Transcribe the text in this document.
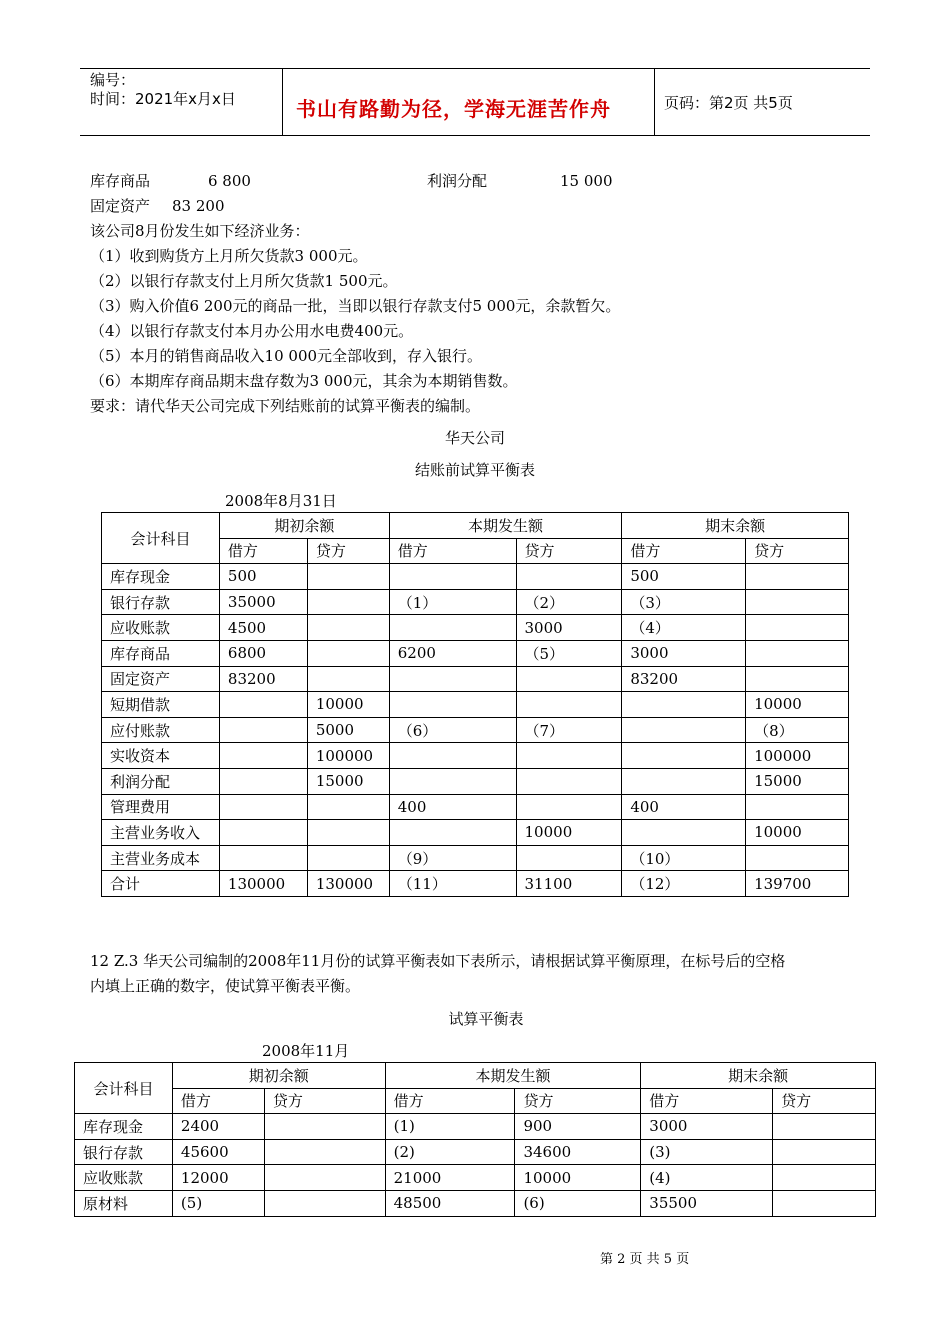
编号：
时间：2021年x月x日	书山有路勤为径，学海无涯苦作舟	页码：第2页 共5页
库存商品	6 800	利润分配	15 000
固定资产 83 200
该公司8月份发生如下经济业务：
（1）收到购货方上月所欠货款3 000元。
（2）以银行存款支付上月所欠货款1 500元。
（3）购入价值6 200元的商品一批，当即以银行存款支付5 000元，余款暂欠。
（4）以银行存款支付本月办公用水电费400元。
（5）本月的销售商品收入10 000元全部收到，存入银行。
（6）本期库存商品期末盘存数为3 000元，其余为本期销售数。
要求：请代华天公司完成下列结账前的试算平衡表的编制。
华天公司
结账前试算平衡表
2008年8月31日
会计科目	期初余额		本期发生额		期末余额	
	借方	贷方	借方	贷方	借方	贷方
库存现金	500				500	
银行存款	35000		（1）	（2）	（3）	
应收账款	4500			3000	（4）	
库存商品	6800		6200	（5）	3000	
固定资产	83200				83200	
短期借款		10000				10000
应付账款		5000	（6）	（7）		（8）
实收资本		100000				100000
利润分配		15000				15000
管理费用			400		400	
主营业务收入				10000		10000
主营业务成本			（9）		（10）	
合计	130000	130000	（11）	31100	（12）	139700
12 Z.3 华天公司编制的2008年11月份的试算平衡表如下表所示，请根据试算平衡原理，在标号后的空格
内填上正确的数字，使试算平衡表平衡。
试算平衡表
2008年11月
会计科目	期初余额		本期发生额		期末余额	
	借方	贷方	借方	贷方	借方	贷方
库存现金	2400		(1)	900	3000	
银行存款	45600		(2)	34600	(3)	
应收账款	12000		21000	10000	(4)	
原材料	(5)		48500	(6)	35500	
第 2 页 共 5 页
